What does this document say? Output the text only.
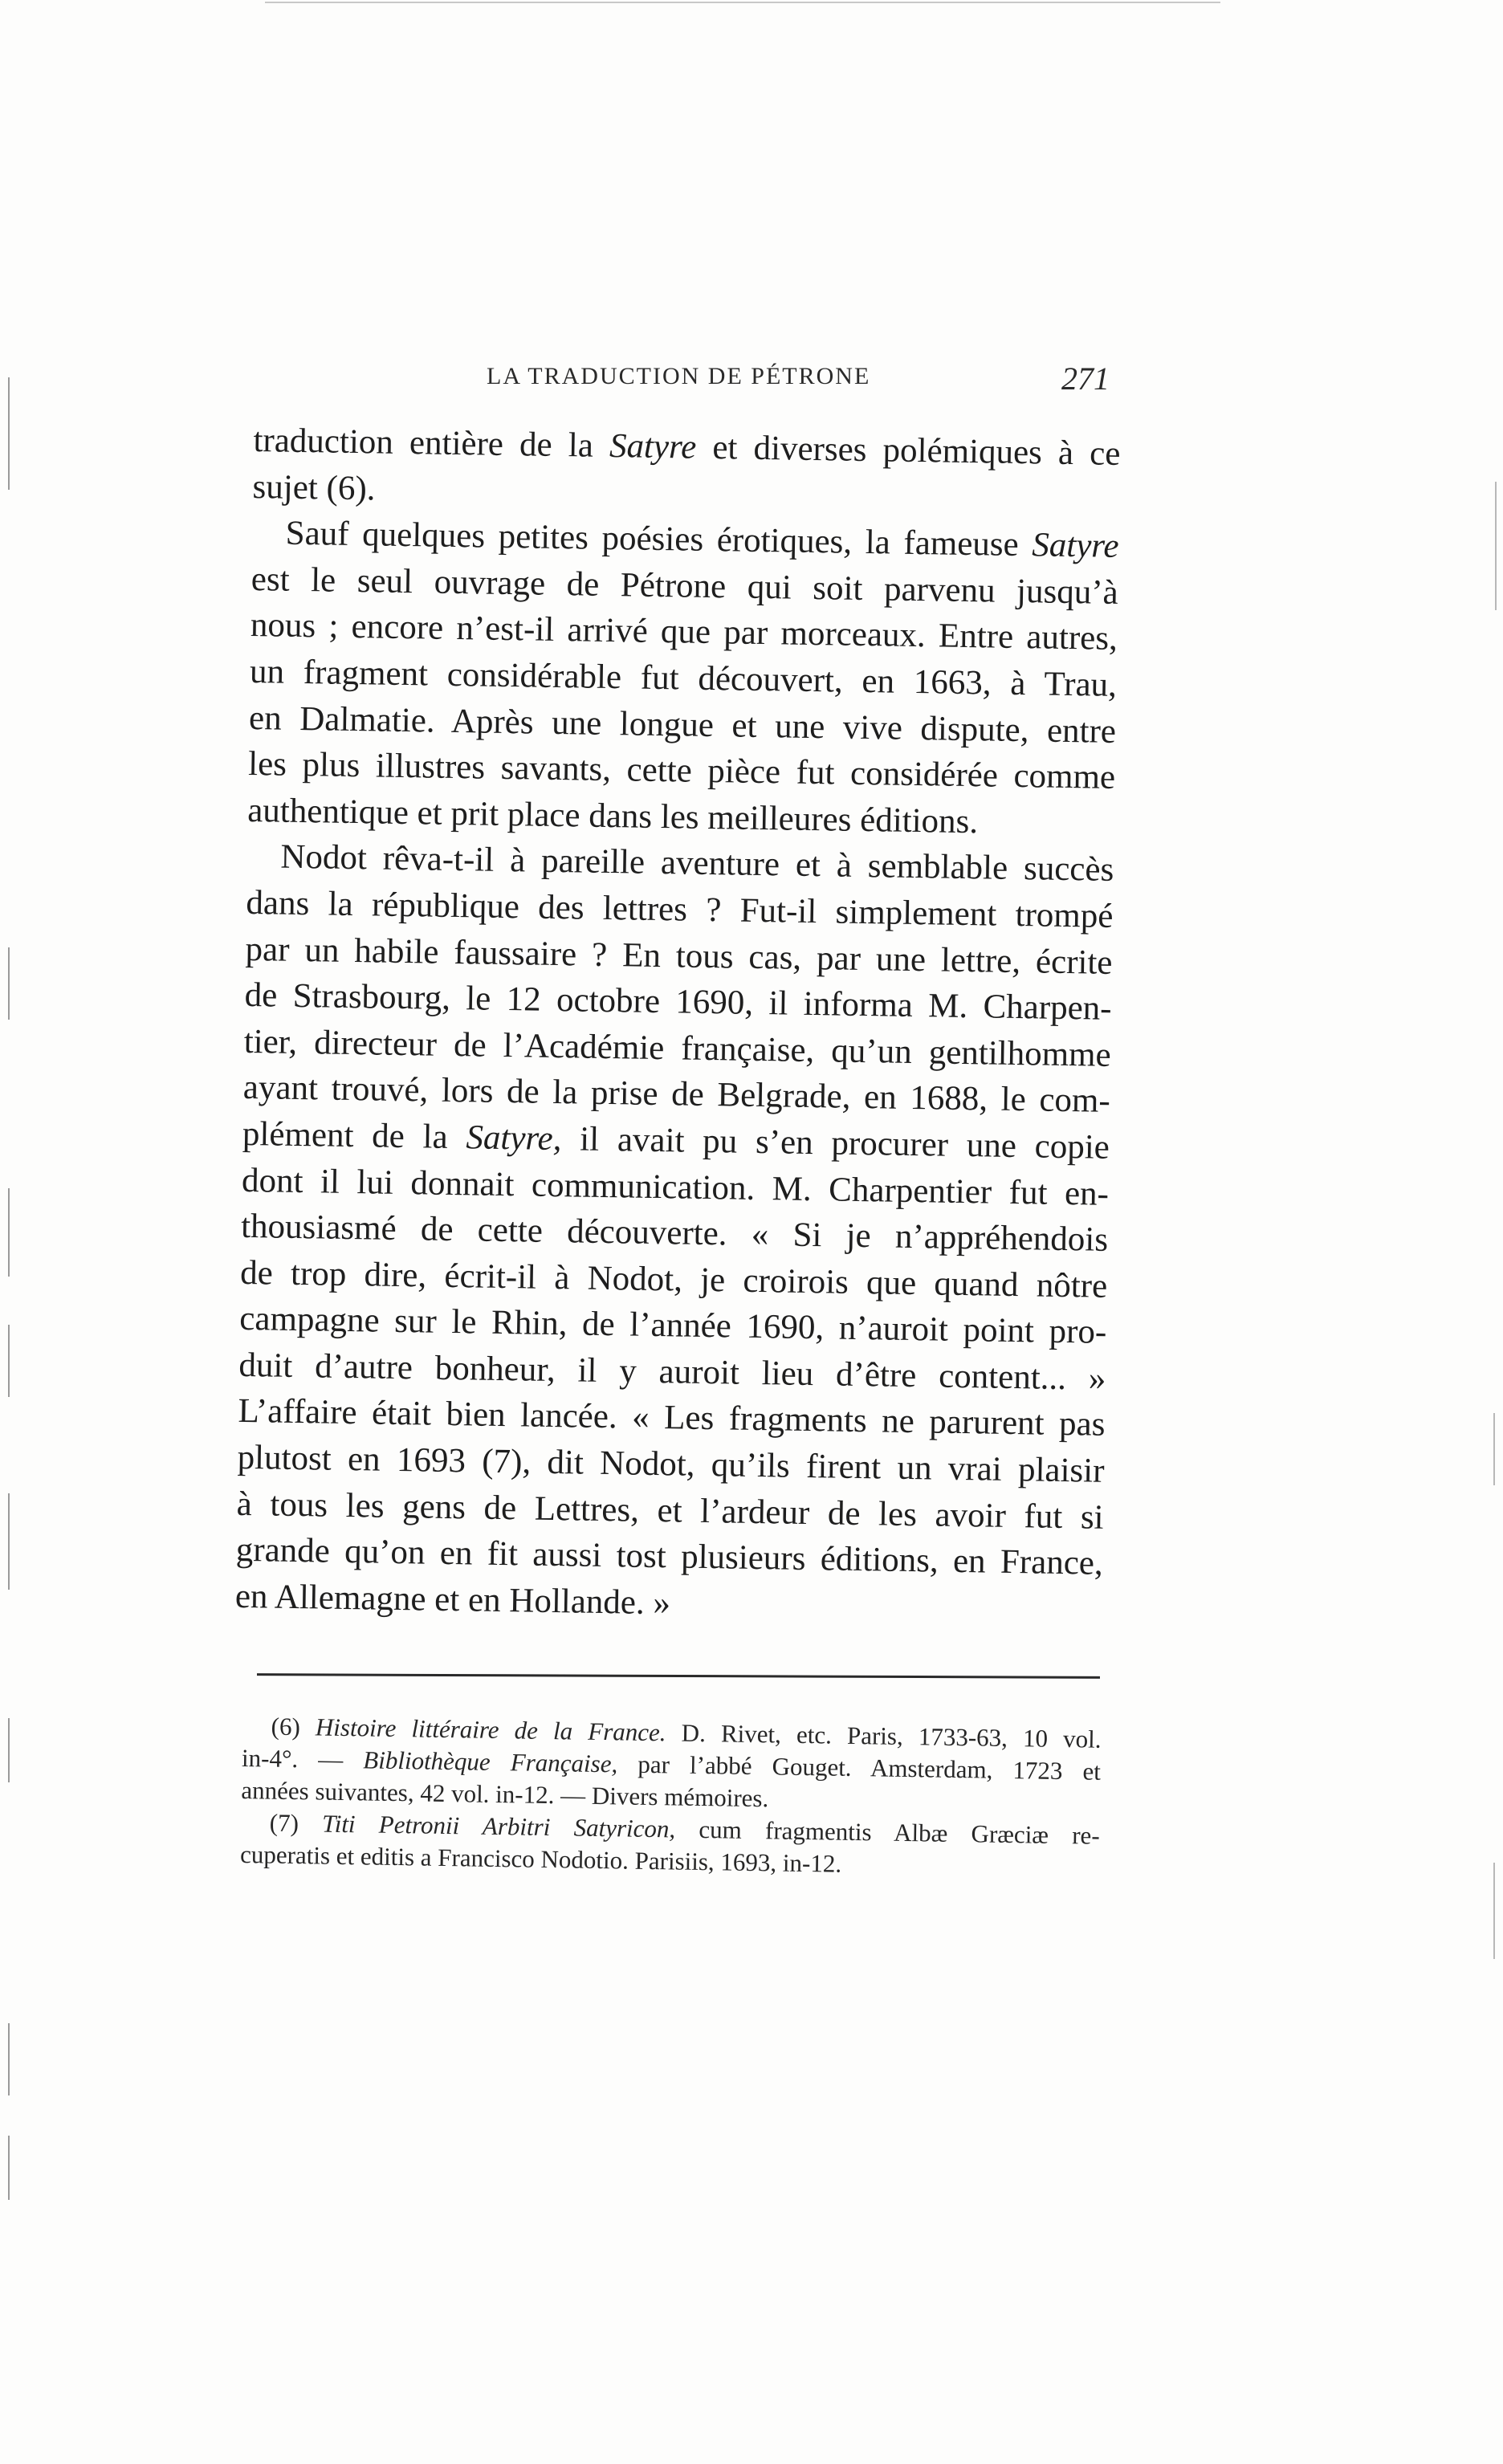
LA TRADUCTION DE PÉTRONE	271
traduction entière de la Satyre et diverses polémiques à ce
sujet (6).
Sauf quelques petites poésies érotiques, la fameuse Satyre
est le seul ouvrage de Pétrone qui soit parvenu jusqu’à
nous ; encore n’est-il arrivé que par morceaux. Entre autres,
un fragment considérable fut découvert, en 1663, à Trau,
en Dalmatie. Après une longue et une vive dispute, entre
les plus illustres savants, cette pièce fut considérée comme
authentique et prit place dans les meilleures éditions.
Nodot rêva-t-il à pareille aventure et à semblable succès
dans la république des lettres ? Fut-il simplement trompé
par un habile faussaire ? En tous cas, par une lettre, écrite
de Strasbourg, le 12 octobre 1690, il informa M. Charpen-
tier, directeur de l’Académie française, qu’un gentilhomme
ayant trouvé, lors de la prise de Belgrade, en 1688, le com-
plément de la Satyre, il avait pu s’en procurer une copie
dont il lui donnait communication. M. Charpentier fut en-
thousiasmé de cette découverte. « Si je n’appréhendois
de trop dire, écrit-il à Nodot, je croirois que quand nôtre
campagne sur le Rhin, de l’année 1690, n’auroit point pro-
duit d’autre bonheur, il y auroit lieu d’être content... »
L’affaire était bien lancée. « Les fragments ne parurent pas
plutost en 1693 (7), dit Nodot, qu’ils firent un vrai plaisir
à tous les gens de Lettres, et l’ardeur de les avoir fut si
grande qu’on en fit aussi tost plusieurs éditions, en France,
en Allemagne et en Hollande. »
(6) Histoire littéraire de la France. D. Rivet, etc. Paris, 1733-63, 10 vol.
in-4°. — Bibliothèque Française, par l’abbé Gouget. Amsterdam, 1723 et
années suivantes, 42 vol. in-12. — Divers mémoires.
(7) Titi Petronii Arbitri Satyricon, cum fragmentis Albæ Græciæ re-
cuperatis et editis a Francisco Nodotio. Parisiis, 1693, in-12.
